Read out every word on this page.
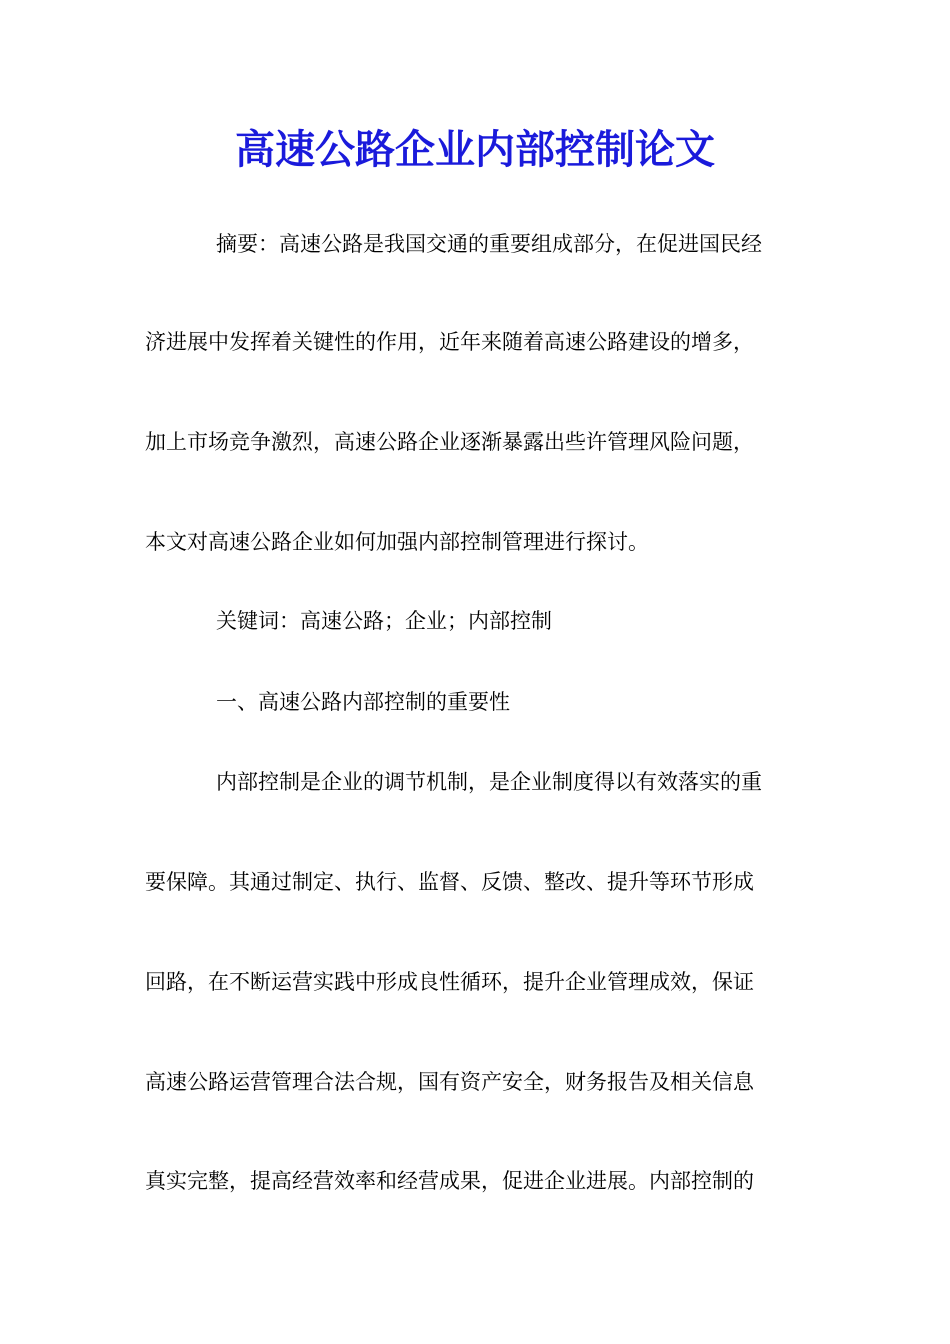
高速公路企业内部控制论文
摘要：高速公路是我国交通的重要组成部分，在促进国民经
济进展中发挥着关键性的作用，近年来随着高速公路建设的增多，
加上市场竞争激烈，高速公路企业逐渐暴露出些许管理风险问题，
本文对高速公路企业如何加强内部控制管理进行探讨。
关键词：高速公路；企业；内部控制
一、高速公路内部控制的重要性
内部控制是企业的调节机制，是企业制度得以有效落实的重
要保障。其通过制定、执行、监督、反馈、整改、提升等环节形成
回路，在不断运营实践中形成良性循环，提升企业管理成效，保证
高速公路运营管理合法合规，国有资产安全，财务报告及相关信息
真实完整，提高经营效率和经营成果，促进企业进展。内部控制的
